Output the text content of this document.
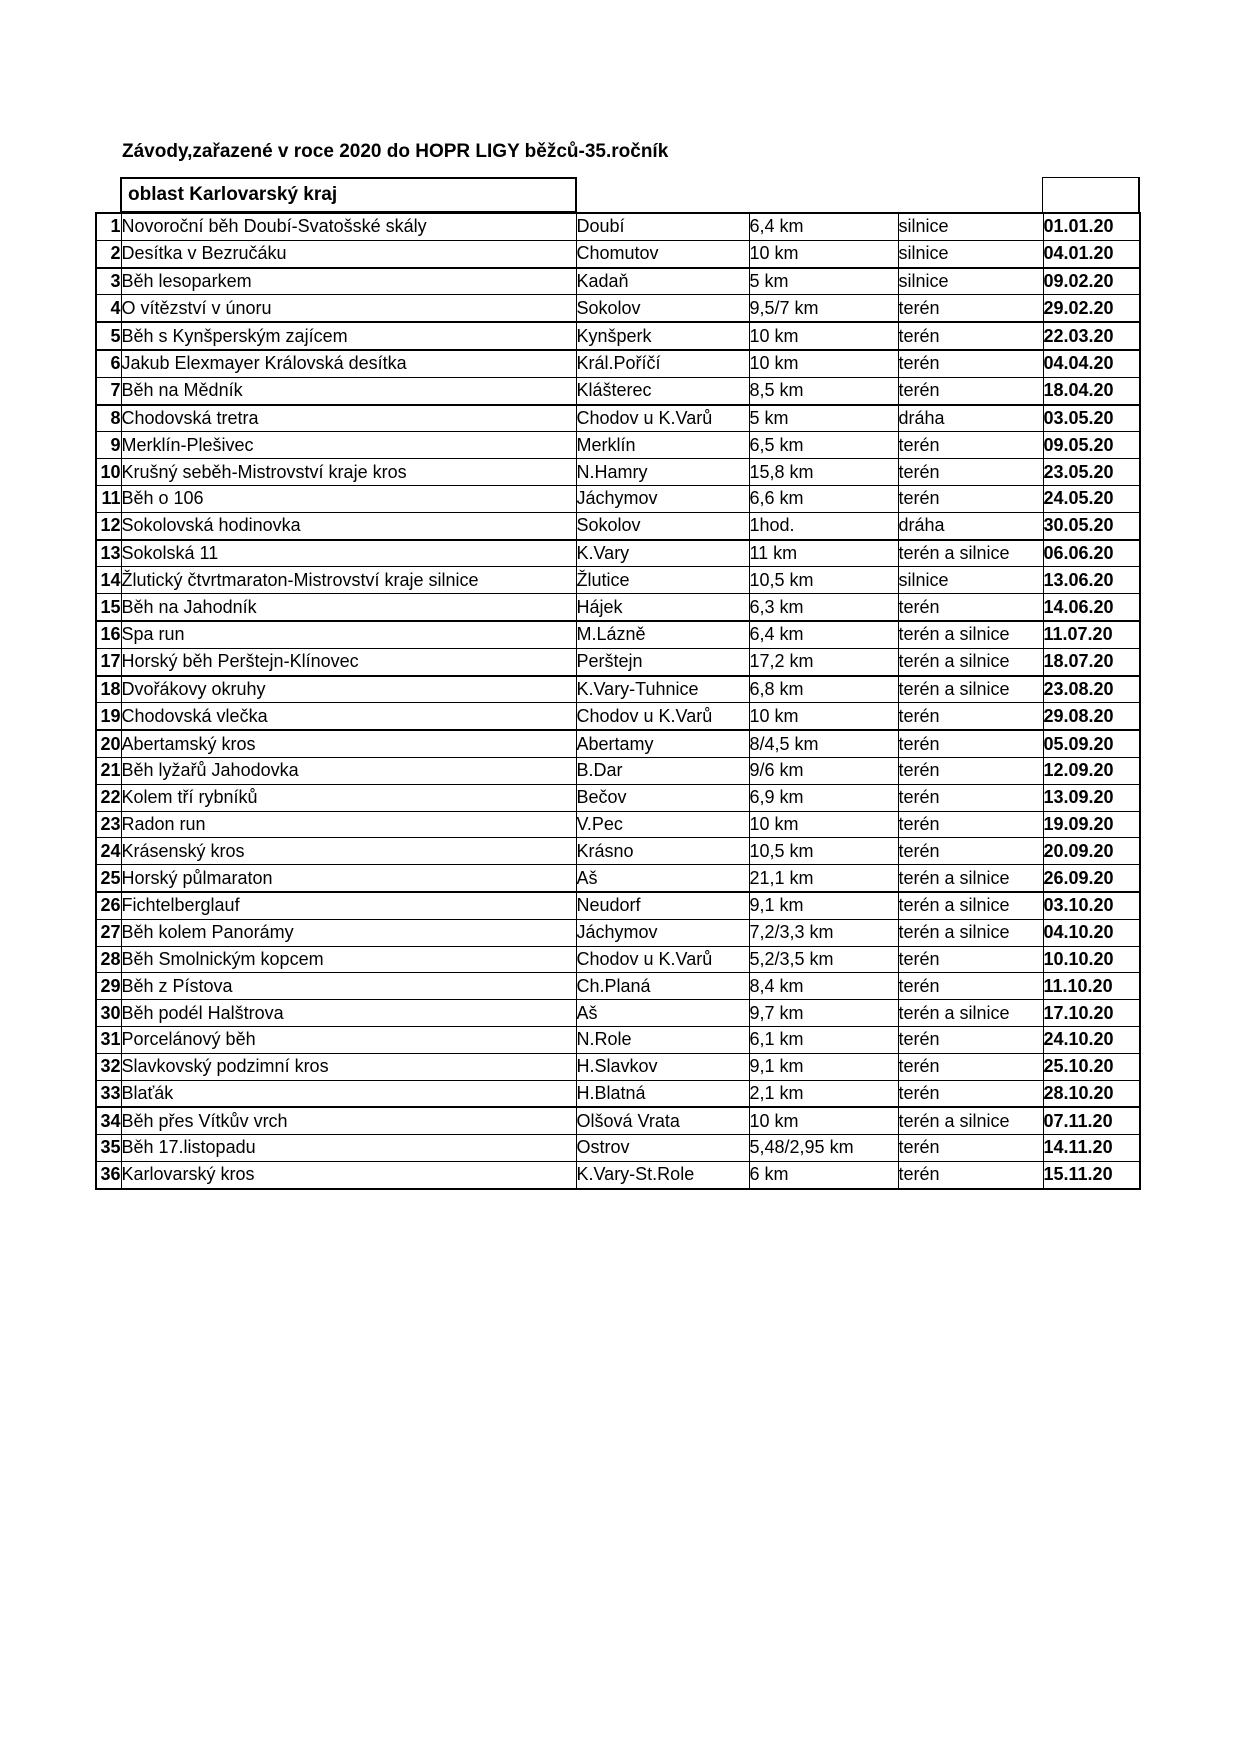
Závody,zařazené v roce 2020 do HOPR LIGY běžců-35.ročník
oblast Karlovarský kraj
1	Novoroční běh Doubí-Svatošské skály	Doubí	6,4 km	silnice	01.01.20
2	Desítka v Bezručáku	Chomutov	10 km	silnice	04.01.20
3	Běh lesoparkem	Kadaň	5 km	silnice	09.02.20
4	O vítězství v únoru	Sokolov	9,5/7 km	terén	29.02.20
5	Běh s Kynšperským zajícem	Kynšperk	10 km	terén	22.03.20
6	Jakub Elexmayer Královská desítka	Král.Poříčí	10 km	terén	04.04.20
7	Běh na Mědník	Klášterec	8,5 km	terén	18.04.20
8	Chodovská tretra	Chodov u K.Varů	5 km	dráha	03.05.20
9	Merklín-Plešivec	Merklín	6,5 km	terén	09.05.20
10	Krušný seběh-Mistrovství kraje kros	N.Hamry	15,8 km	terén	23.05.20
11	Běh o 106	Jáchymov	6,6 km	terén	24.05.20
12	Sokolovská hodinovka	Sokolov	1hod.	dráha	30.05.20
13	Sokolská 11	K.Vary	11 km	terén a silnice	06.06.20
14	Žlutický čtvrtmaraton-Mistrovství kraje silnice	Žlutice	10,5 km	silnice	13.06.20
15	Běh na Jahodník	Hájek	6,3 km	terén	14.06.20
16	Spa run	M.Lázně	6,4 km	terén a silnice	11.07.20
17	Horský běh Perštejn-Klínovec	Perštejn	17,2 km	terén a silnice	18.07.20
18	Dvořákovy okruhy	K.Vary-Tuhnice	6,8 km	terén a silnice	23.08.20
19	Chodovská vlečka	Chodov u K.Varů	10 km	terén	29.08.20
20	Abertamský kros	Abertamy	8/4,5 km	terén	05.09.20
21	Běh lyžařů Jahodovka	B.Dar	9/6 km	terén	12.09.20
22	Kolem tří rybníků	Bečov	6,9 km	terén	13.09.20
23	Radon run	V.Pec	10 km	terén	19.09.20
24	Krásenský kros	Krásno	10,5 km	terén	20.09.20
25	Horský půlmaraton	Aš	21,1 km	terén a silnice	26.09.20
26	Fichtelberglauf	Neudorf	9,1 km	terén a silnice	03.10.20
27	Běh kolem Panorámy	Jáchymov	7,2/3,3 km	terén a silnice	04.10.20
28	Běh Smolnickým kopcem	Chodov u K.Varů	5,2/3,5 km	terén	10.10.20
29	Běh z Pístova	Ch.Planá	8,4 km	terén	11.10.20
30	Běh podél Halštrova	Aš	9,7 km	terén a silnice	17.10.20
31	Porcelánový běh	N.Role	6,1 km	terén	24.10.20
32	Slavkovský podzimní kros	H.Slavkov	9,1 km	terén	25.10.20
33	Blaťák	H.Blatná	2,1 km	terén	28.10.20
34	Běh přes Vítkův vrch	Olšová Vrata	10 km	terén a silnice	07.11.20
35	Běh 17.listopadu	Ostrov	5,48/2,95 km	terén	14.11.20
36	Karlovarský kros	K.Vary-St.Role	6 km	terén	15.11.20
